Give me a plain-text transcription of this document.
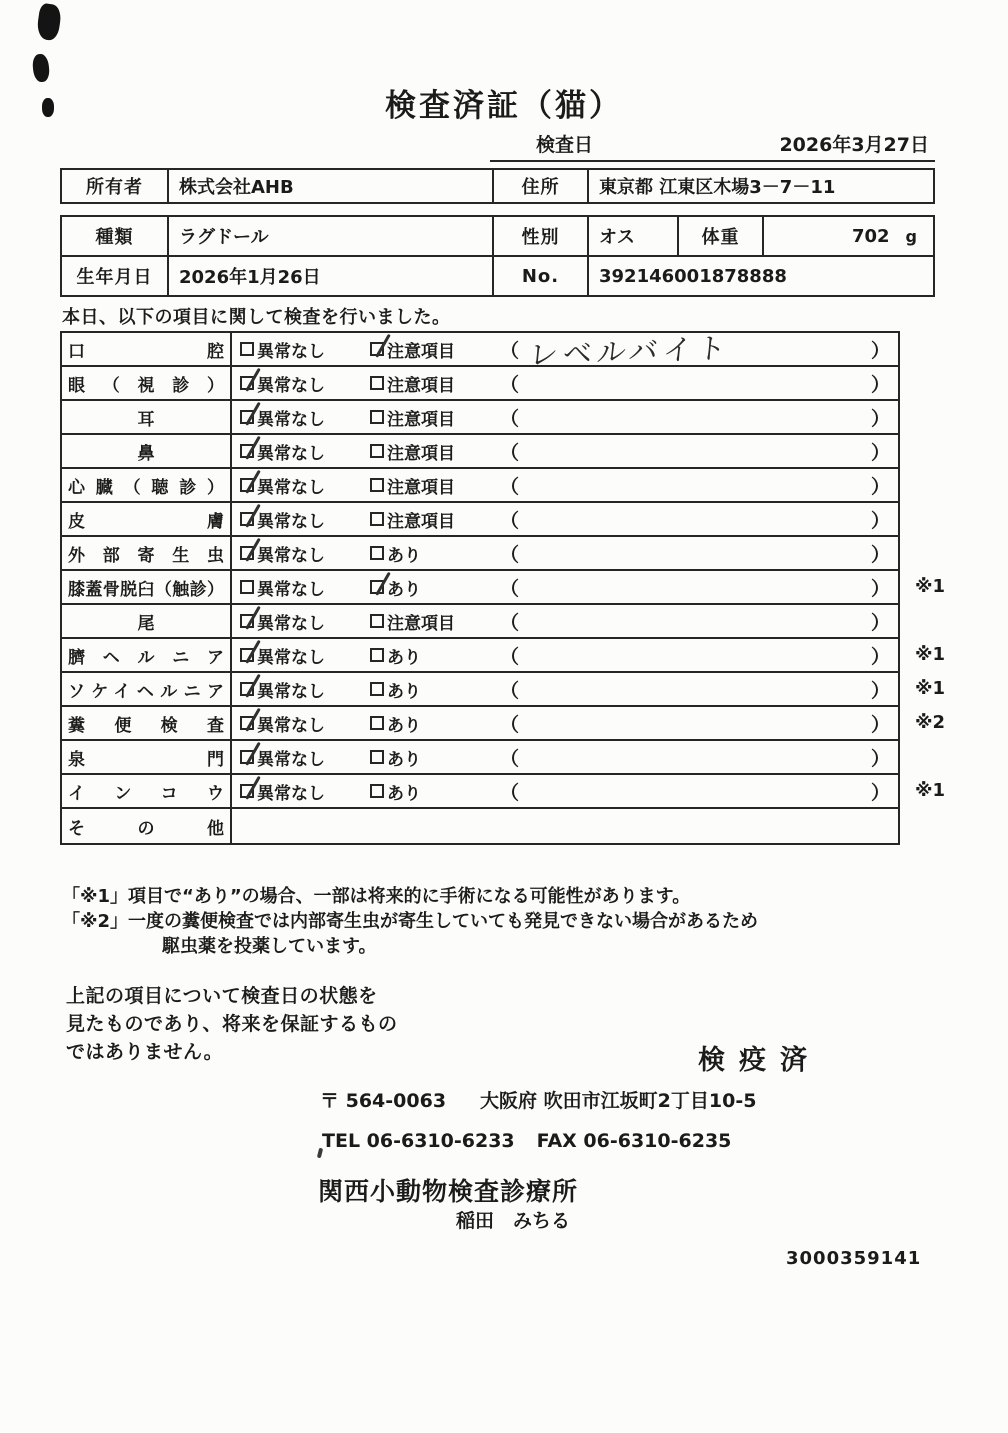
検査済証（猫）
検査日	2026年3月27日
所有者	株式会社AHB	住所	東京都 江東区木場3－7－11
種類	ラグドール	性別	オス	体重	702 g
生年月日	2026年1月26日	No.	392146001878888

本日、以下の項目に関して検査を行いました。

口腔 異常なし	注意項目 （ レベルバイト	）
眼（視診） 異常なし	注意項目 （	）
耳	異常なし	注意項目 （	）
鼻	異常なし	注意項目 （	）
心臓（聴診） 異常なし	注意項目 （	）
皮膚 異常なし	注意項目 （	）
外部寄生虫 異常なし	あり	（	）
膝蓋骨脱臼（触診） 異常なし	あり	（	） ※1
尾	異常なし	注意項目 （	）
臍ヘルニア 異常なし	あり	（	） ※1
ソケイヘルニア 異常なし	あり	（	） ※1
糞便検査 異常なし	あり	（	） ※2
泉門 異常なし	あり	（	）
インコウ 異常なし	あり	（	） ※1
その他
「※1」項目で“あり”の場合、一部は将来的に手術になる可能性があります。
「※2」一度の糞便検査では内部寄生虫が寄生していても発見できない場合があるため
駆虫薬を投薬しています。
上記の項目について検査日の状態を
見たものであり、将来を保証するもの
ではありません。	検疫済
〒 564-0063 大阪府 吹田市江坂町2丁目10-5
TEL 06-6310-6233 FAX 06-6310-6235
関西小動物検査診療所
稲田　みちる
3000359141
